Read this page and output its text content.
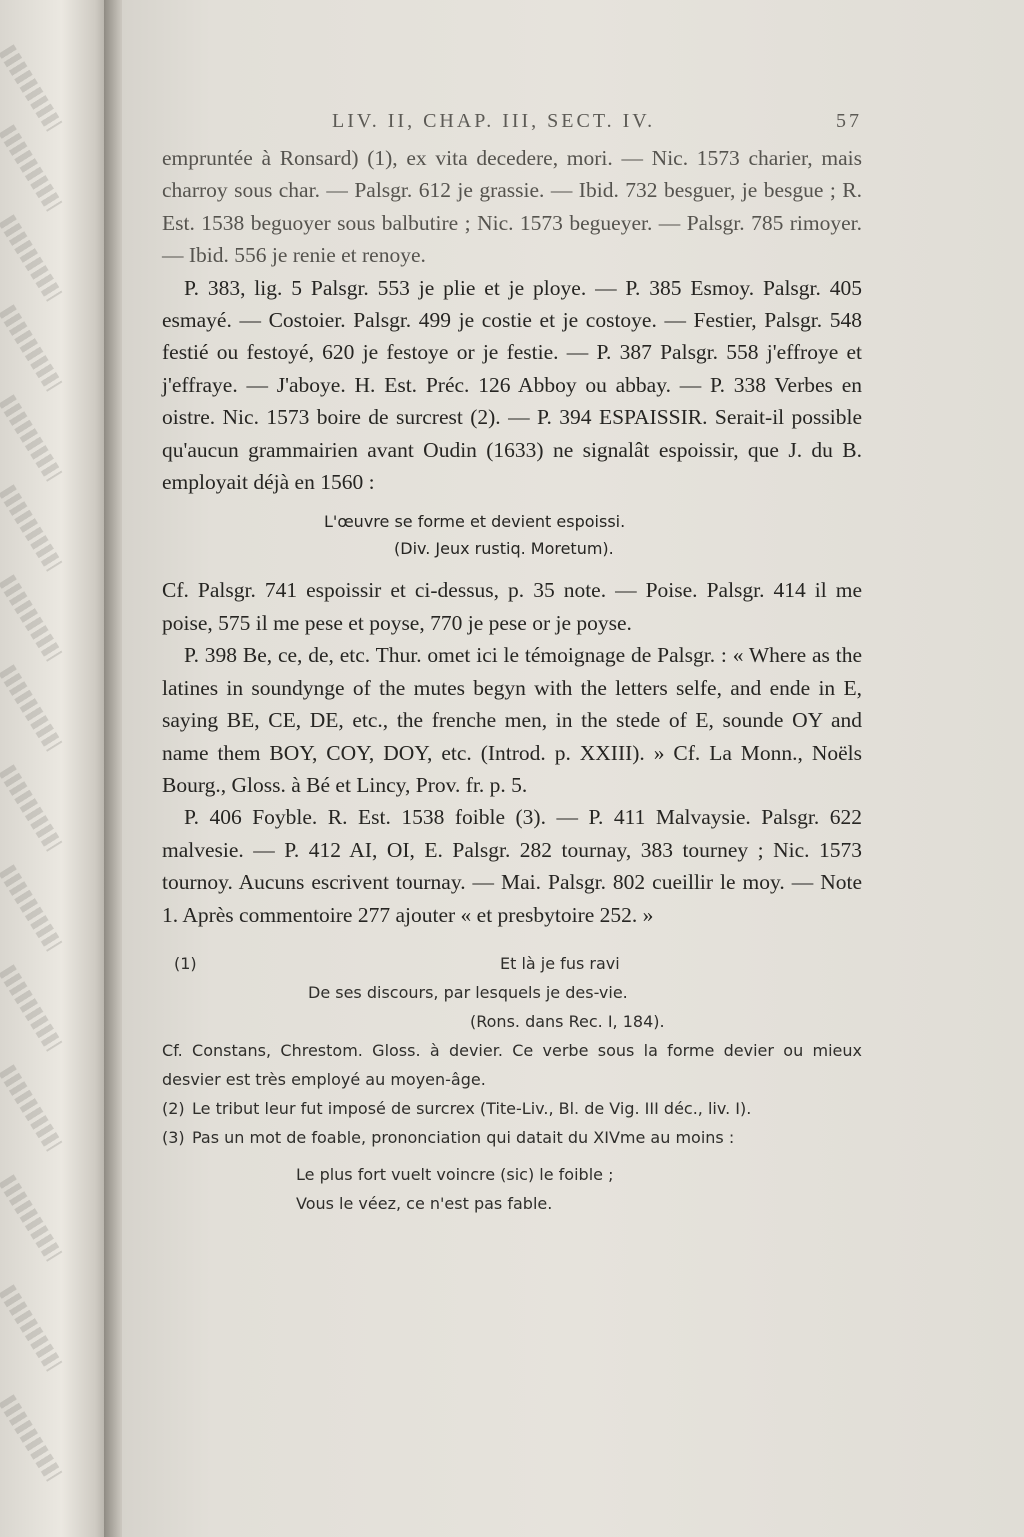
LIV. II, CHAP. III, SECT. IV.	57

empruntée à Ronsard) (1), ex vita decedere, mori. — Nic. 1573 charier, mais charroy sous char. — Palsgr. 612 je grassie. — Ibid. 732 besguer, je besgue ; R. Est. 1538 beguoyer sous balbutire ; Nic. 1573 begueyer. — Palsgr. 785 rimoyer. — Ibid. 556 je renie et renoye.

P. 383, lig. 5 Palsgr. 553 je plie et je ploye. — P. 385 Esmoy. Palsgr. 405 esmayé. — Costoier. Palsgr. 499 je costie et je costoye. — Festier, Palsgr. 548 festié ou festoyé, 620 je festoye or je festie. — P. 387 Palsgr. 558 j'effroye et j'effraye. — J'aboye. H. Est. Préc. 126 Abboy ou abbay. — P. 338 Verbes en oistre. Nic. 1573 boire de surcrest (2). — P. 394 ESPAISSIR. Serait-il possible qu'aucun grammairien avant Oudin (1633) ne signalât espoissir, que J. du B. employait déjà en 1560 :

L'œuvre se forme et devient espoissi.
(Div. Jeux rustiq. Moretum).

Cf. Palsgr. 741 espoissir et ci-dessus, p. 35 note. — Poise. Palsgr. 414 il me poise, 575 il me pese et poyse, 770 je pese or je poyse.

P. 398 Be, ce, de, etc. Thur. omet ici le témoignage de Palsgr. : « Where as the latines in soundynge of the mutes begyn with the letters selfe, and ende in E, saying BE, CE, DE, etc., the frenche men, in the stede of E, sounde OY and name them BOY, COY, DOY, etc. (Introd. p. XXIII). » Cf. La Monn., Noëls Bourg., Gloss. à Bé et Lincy, Prov. fr. p. 5.

P. 406 Foyble. R. Est. 1538 foible (3). — P. 411 Malvaysie. Palsgr. 622 malvesie. — P. 412 AI, OI, E. Palsgr. 282 tournay, 383 tourney ; Nic. 1573 tournoy. Aucuns escrivent tournay. — Mai. Palsgr. 802 cueillir le moy. — Note 1. Après commentoire 277 ajouter « et presbytoire 252. »

(1)	Et là je fus ravi
De ses discours, par lesquels je des-vie.
(Rons. dans Rec. I, 184).
Cf. Constans, Chrestom. Gloss. à devier. Ce verbe sous la forme devier ou mieux desvier est très employé au moyen-âge.
(2) Le tribut leur fut imposé de surcrex (Tite-Liv., Bl. de Vig. III déc., liv. I).
(3) Pas un mot de foable, prononciation qui datait du XIVme au moins :
Le plus fort vuelt voincre (sic) le foible ;
Vous le véez, ce n'est pas fable.
